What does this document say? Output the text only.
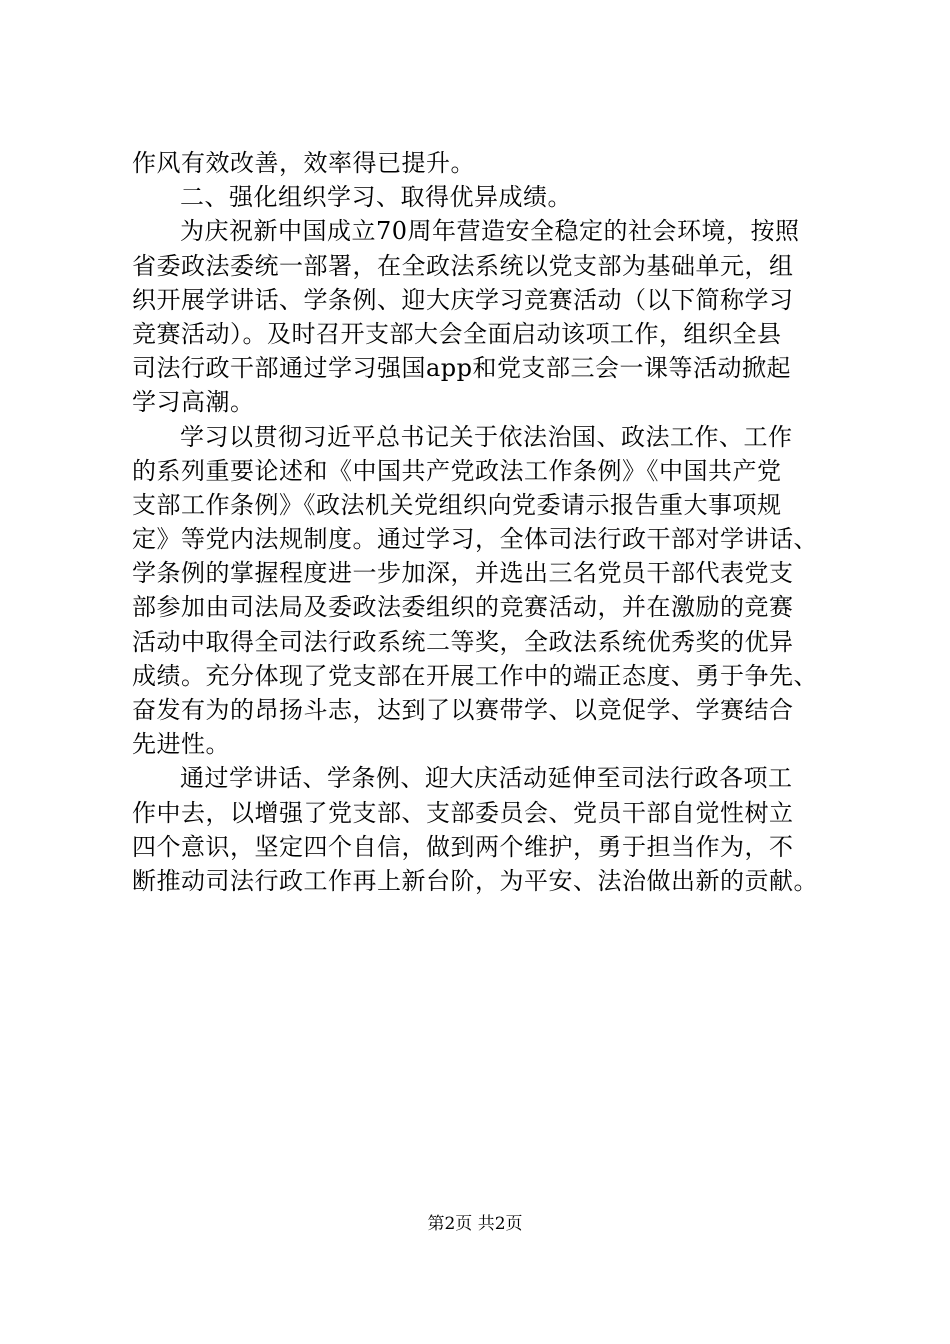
作风有效改善，效率得已提升。
二、强化组织学习、取得优异成绩。
为庆祝新中国成立70周年营造安全稳定的社会环境，按照
省委政法委统一部署，在全政法系统以党支部为基础单元，组
织开展学讲话、学条例、迎大庆学习竞赛活动（以下简称学习
竞赛活动）。及时召开支部大会全面启动该项工作，组织全县
司法行政干部通过学习强国app和党支部三会一课等活动掀起
学习高潮。
学习以贯彻习近平总书记关于依法治国、政法工作、工作
的系列重要论述和《中国共产党政法工作条例》《中国共产党
支部工作条例》《政法机关党组织向党委请示报告重大事项规
定》等党内法规制度。通过学习，全体司法行政干部对学讲话、
学条例的掌握程度进一步加深，并选出三名党员干部代表党支
部参加由司法局及委政法委组织的竞赛活动，并在激励的竞赛
活动中取得全司法行政系统二等奖，全政法系统优秀奖的优异
成绩。充分体现了党支部在开展工作中的端正态度、勇于争先、
奋发有为的昂扬斗志，达到了以赛带学、以竞促学、学赛结合
先进性。
通过学讲话、学条例、迎大庆活动延伸至司法行政各项工
作中去，以增强了党支部、支部委员会、党员干部自觉性树立
四个意识，坚定四个自信，做到两个维护，勇于担当作为，不
断推动司法行政工作再上新台阶，为平安、法治做出新的贡献。
第2页 共2页
